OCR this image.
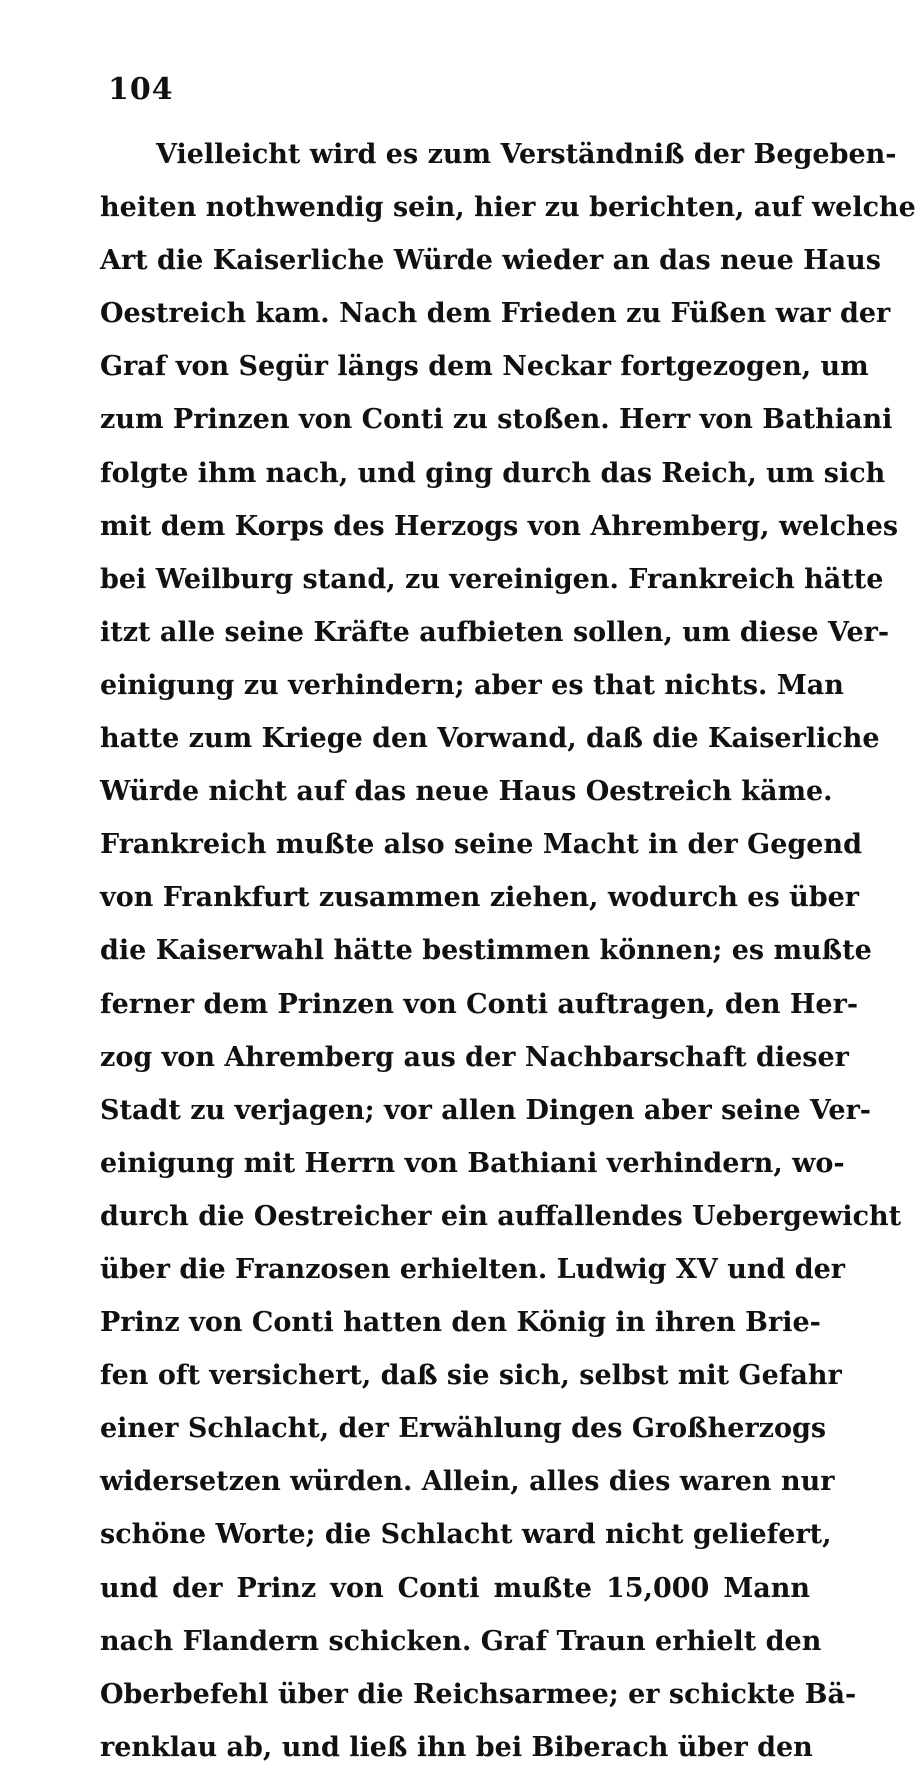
104
Vielleicht wird es zum Verständniß der Begeben-
heiten nothwendig sein, hier zu berichten, auf welche
Art die Kaiserliche Würde wieder an das neue Haus
Oestreich kam. Nach dem Frieden zu Füßen war der
Graf von Segür längs dem Neckar fortgezogen, um
zum Prinzen von Conti zu stoßen. Herr von Bathiani
folgte ihm nach, und ging durch das Reich, um sich
mit dem Korps des Herzogs von Ahremberg, welches
bei Weilburg stand, zu vereinigen. Frankreich hätte
itzt alle seine Kräfte aufbieten sollen, um diese Ver-
einigung zu verhindern; aber es that nichts. Man
hatte zum Kriege den Vorwand, daß die Kaiserliche
Würde nicht auf das neue Haus Oestreich käme.
Frankreich mußte also seine Macht in der Gegend
von Frankfurt zusammen ziehen, wodurch es über
die Kaiserwahl hätte bestimmen können; es mußte
ferner dem Prinzen von Conti auftragen, den Her-
zog von Ahremberg aus der Nachbarschaft dieser
Stadt zu verjagen; vor allen Dingen aber seine Ver-
einigung mit Herrn von Bathiani verhindern, wo-
durch die Oestreicher ein auffallendes Uebergewicht
über die Franzosen erhielten. Ludwig XV und der
Prinz von Conti hatten den König in ihren Brie-
fen oft versichert, daß sie sich, selbst mit Gefahr
einer Schlacht, der Erwählung des Großherzogs
widersetzen würden. Allein, alles dies waren nur
schöne Worte; die Schlacht ward nicht geliefert,
und der Prinz von Conti mußte 15,000 Mann
nach Flandern schicken. Graf Traun erhielt den
Oberbefehl über die Reichsarmee; er schickte Bä-
renklau ab, und ließ ihn bei Biberach über den
